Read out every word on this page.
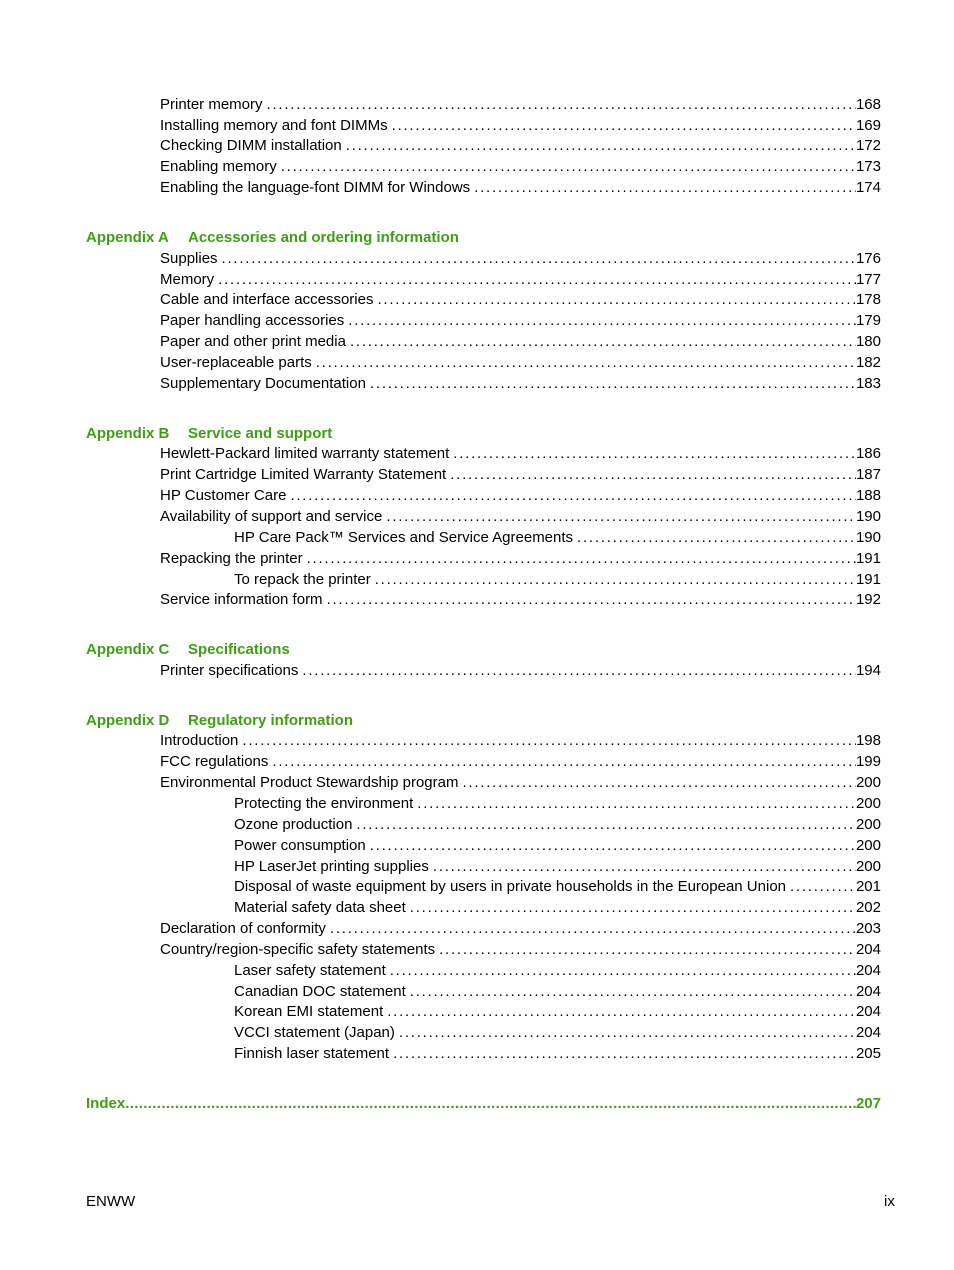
Printer memory . . .	168
Installing memory and font DIMMs . . .	169
Checking DIMM installation . . .	172
Enabling memory . . .	173
Enabling the language-font DIMM for Windows . . .	174
Appendix A Accessories and ordering information
Supplies . . .	176
Memory . . .	177
Cable and interface accessories . . .	178
Paper handling accessories . . .	179
Paper and other print media . . .	180
User-replaceable parts . . .	182
Supplementary Documentation . . .	183
Appendix B Service and support
Hewlett-Packard limited warranty statement . . .	186
Print Cartridge Limited Warranty Statement . . .	187
HP Customer Care . . .	188
Availability of support and service . . .	190
HP Care Pack™ Services and Service Agreements . . .	190
Repacking the printer . . .	191
To repack the printer . . .	191
Service information form . . .	192
Appendix C Specifications
Printer specifications . . .	194
Appendix D Regulatory information
Introduction . . .	198
FCC regulations . . .	199
Environmental Product Stewardship program . . .	200
Protecting the environment . . .	200
Ozone production . . .	200
Power consumption . . .	200
HP LaserJet printing supplies . . .	200
Disposal of waste equipment by users in private households in the European Union . . .	201
Material safety data sheet . . .	202
Declaration of conformity . . .	203
Country/region-specific safety statements . . .	204
Laser safety statement . . .	204
Canadian DOC statement . . .	204
Korean EMI statement . . .	204
VCCI statement (Japan) . . .	204
Finnish laser statement . . .	205
Index .....	207
ENWW	ix
